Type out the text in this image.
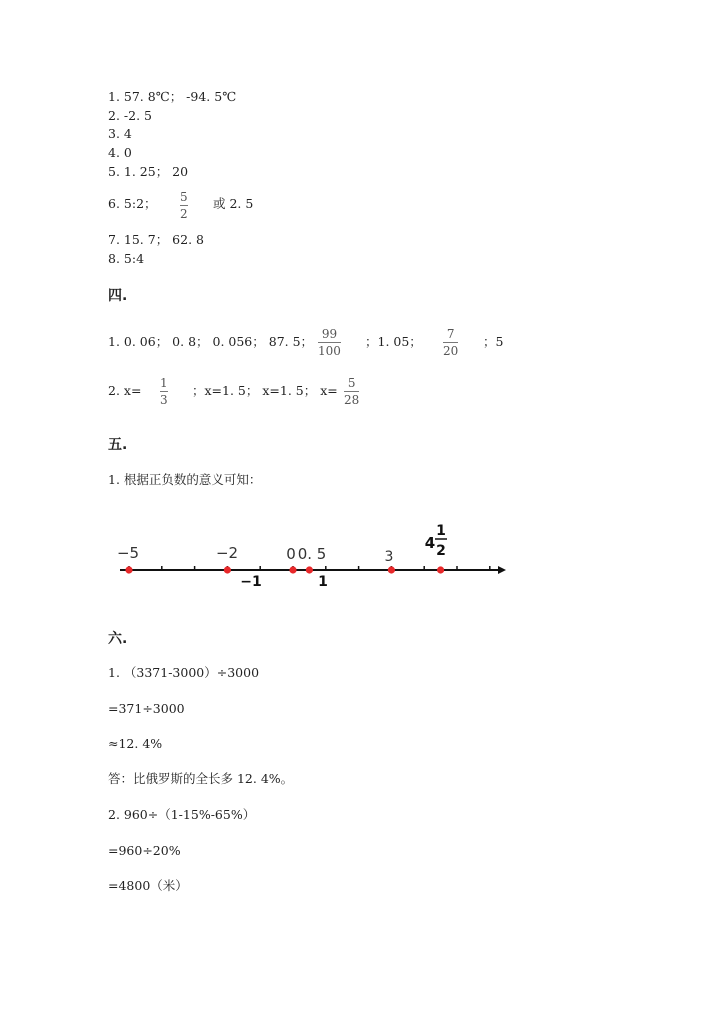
1. 57. 8℃； -94. 5℃
2. -2. 5
3. 4
4. 0
5. 1. 25； 20
6. 5:2； 5
2
或 2. 5
7. 15. 7； 62. 8
8. 5:4
四.
1. 0. 06； 0. 8； 0. 056； 87. 5； 99
100
；1. 05； 7
20
；5
2. x= 1
3
；x=1. 5； x=1. 5； x= 5
28
五.
1. 根据正负数的意义可知：
−5	−2	0 0. 5	3
4
1
2
−1	1
六.
1. （3371-3000）÷3000
=371÷3000
≈12. 4%
答：比俄罗斯的全长多 12. 4%。
2. 960÷（1-15%-65%）
=960÷20%
=4800（米）
